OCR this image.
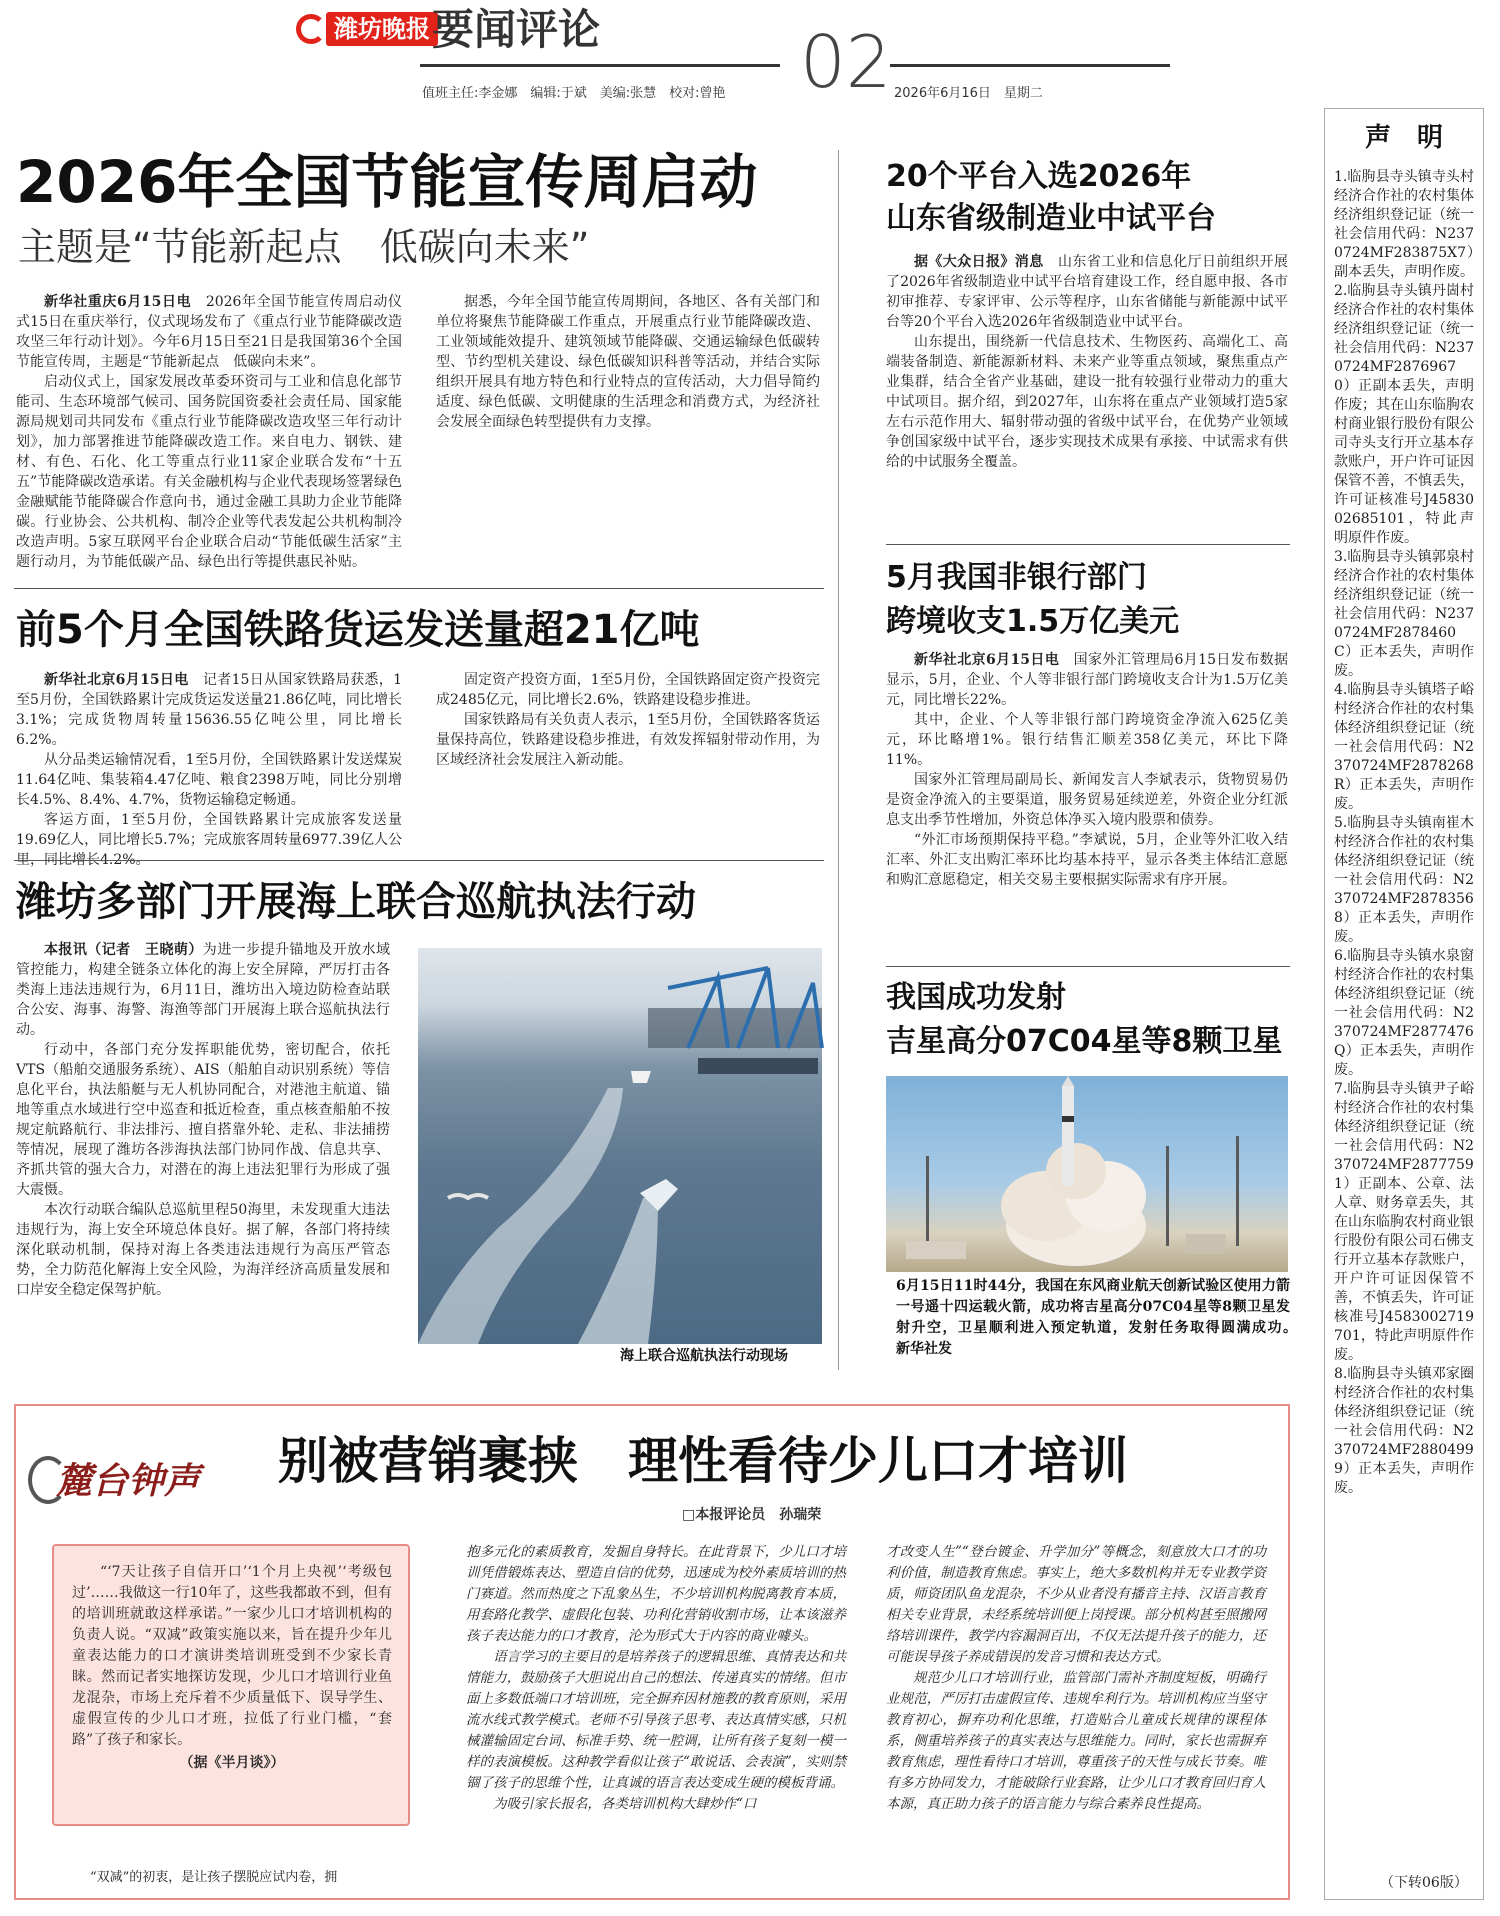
潍坊晚报 要闻评论	02
值班主任:李金娜　编辑:于斌　美编:张慧　校对:曾艳	2026年6月16日　星期二
2026年全国节能宣传周启动
主题是“节能新起点　低碳向未来”

新华社重庆6月15日电　 2026年全国节能宣传周启动仪式15日在重庆举行，仪式现场发布了《重点行业节能降碳改造攻坚三年行动计划》。今年6月15日至21日是我国第36个全国节能宣传周，主题是“节能新起点　低碳向未来”。

启动仪式上，国家发展改革委环资司与工业和信息化部节能司、生态环境部气候司、国务院国资委社会责任局、国家能源局规划司共同发布《重点行业节能降碳改造攻坚三年行动计划》，加力部署推进节能降碳改造工作。来自电力、钢铁、建材、有色、石化、化工等重点行业11家企业联合发布“十五五”节能降碳改造承诺。有关金融机构与企业代表现场签署绿色金融赋能节能降碳合作意向书，通过金融工具助力企业节能降碳。行业协会、公共机构、制冷企业等代表发起公共机构制冷改造声明。5家互联网平台企业联合启动“节能低碳生活家”主题行动月，为节能低碳产品、绿色出行等提供惠民补贴。

据悉，今年全国节能宣传周期间，各地区、各有关部门和单位将聚焦节能降碳工作重点，开展重点行业节能降碳改造、工业领域能效提升、建筑领域节能降碳、交通运输绿色低碳转型、节约型机关建设、绿色低碳知识科普等活动，并结合实际组织开展具有地方特色和行业特点的宣传活动，大力倡导简约适度、绿色低碳、文明健康的生活理念和消费方式，为经济社会发展全面绿色转型提供有力支撑。

前5个月全国铁路货运发送量超21亿吨

新华社北京6月15日电　 记者15日从国家铁路局获悉，1至5月份，全国铁路累计完成货运发送量21.86亿吨，同比增长3.1%；完成货物周转量15636.55亿吨公里，同比增长6.2%。

从分品类运输情况看，1至5月份，全国铁路累计发送煤炭11.64亿吨、集装箱4.47亿吨、粮食2398万吨，同比分别增长4.5%、8.4%、4.7%，货物运输稳定畅通。

客运方面，1至5月份，全国铁路累计完成旅客发送量19.69亿人，同比增长5.7%；完成旅客周转量6977.39亿人公里，同比增长4.2%。

固定资产投资方面，1至5月份，全国铁路固定资产投资完成2485亿元，同比增长2.6%，铁路建设稳步推进。

国家铁路局有关负责人表示，1至5月份，全国铁路客货运量保持高位，铁路建设稳步推进，有效发挥辐射带动作用，为区域经济社会发展注入新动能。

潍坊多部门开展海上联合巡航执法行动

本报讯（记者　王晓萌）为进一步提升锚地及开放水域管控能力，构建全链条立体化的海上安全屏障，严厉打击各类海上违法违规行为，6月11日，潍坊出入境边防检查站联合公安、海事、海警、海渔等部门开展海上联合巡航执法行动。

行动中，各部门充分发挥职能优势，密切配合，依托VTS（船舶交通服务系统）、AIS（船舶自动识别系统）等信息化平台，执法船艇与无人机协同配合，对港池主航道、锚地等重点水域进行空中巡查和抵近检查，重点核查船舶不按规定航路航行、非法排污、擅自搭靠外轮、走私、非法捕捞等情况，展现了潍坊各涉海执法部门协同作战、信息共享、齐抓共管的强大合力，对潜在的海上违法犯罪行为形成了强大震慑。

本次行动联合编队总巡航里程50海里，未发现重大违法违规行为，海上安全环境总体良好。据了解，各部门将持续深化联动机制，保持对海上各类违法违规行为高压严管态势，全力防范化解海上安全风险，为海洋经济高质量发展和口岸安全稳定保驾护航。

海上联合巡航执法行动现场
20个平台入选2026年
山东省级制造业中试平台

据《大众日报》消息　 山东省工业和信息化厅日前组织开展了2026年省级制造业中试平台培育建设工作，经自愿申报、各市初审推荐、专家评审、公示等程序，山东省储能与新能源中试平台等20个平台入选2026年省级制造业中试平台。

山东提出，围绕新一代信息技术、生物医药、高端化工、高端装备制造、新能源新材料、未来产业等重点领域，聚焦重点产业集群，结合全省产业基础，建设一批有较强行业带动力的重大中试项目。据介绍，到2027年，山东将在重点产业领域打造5家左右示范作用大、辐射带动强的省级中试平台，在优势产业领域争创国家级中试平台，逐步实现技术成果有承接、中试需求有供给的中试服务全覆盖。

5月我国非银行部门
跨境收支1.5万亿美元

新华社北京6月15日电　 国家外汇管理局6月15日发布数据显示，5月，企业、个人等非银行部门跨境收支合计为1.5万亿美元，同比增长22%。

其中，企业、个人等非银行部门跨境资金净流入625亿美元，环比略增1%。银行结售汇顺差358亿美元，环比下降11%。

国家外汇管理局副局长、新闻发言人李斌表示，货物贸易仍是资金净流入的主要渠道，服务贸易延续逆差，外资企业分红派息支出季节性增加，外资总体净买入境内股票和债券。

“外汇市场预期保持平稳。”李斌说，5月，企业等外汇收入结汇率、外汇支出购汇率环比均基本持平，显示各类主体结汇意愿和购汇意愿稳定，相关交易主要根据实际需求有序开展。

我国成功发射
吉星高分07C04星等8颗卫星
6月15日11时44分，我国在东风商业航天创新试验区使用力箭一号遥十四运载火箭，成功将吉星高分07C04星等8颗卫星发射升空，卫星顺利进入预定轨道，发射任务取得圆满成功。　　新华社发
麓台钟声 别被营销裹挟　理性看待少儿口才培训
□本报评论员　孙瑞荣

“‘7天让孩子自信开口’‘1个月上央视’‘考级包过’……我做这一行10年了，这些我都敢不到，但有的培训班就敢这样承诺。”一家少儿口才培训机构的负责人说。“双减”政策实施以来，旨在提升少年儿童表达能力的口才演讲类培训班受到不少家长青睐。然而记者实地探访发现，少儿口才培训行业鱼龙混杂，市场上充斥着不少质量低下、误导学生、虚假宣传的少儿口才班，拉低了行业门槛，“套路”了孩子和家长。

（据《半月谈》）
“双减”的初衷，是让孩子摆脱应试内卷，拥

抱多元化的素质教育，发掘自身特长。在此背景下，少儿口才培训凭借锻炼表达、塑造自信的优势，迅速成为校外素质培训的热门赛道。然而热度之下乱象丛生，不少培训机构脱离教育本质，用套路化教学、虚假化包装、功利化营销收割市场，让本该滋养孩子表达能力的口才教育，沦为形式大于内容的商业噱头。

语言学习的主要目的是培养孩子的逻辑思维、真情表达和共情能力，鼓励孩子大胆说出自己的想法、传递真实的情绪。但市面上多数低端口才培训班，完全摒弃因材施教的教育原则，采用流水线式教学模式。老师不引导孩子思考、表达真情实感，只机械灌输固定台词、标准手势、统一腔调，让所有孩子复刻一模一样的表演模板。这种教学看似让孩子“敢说话、会表演”，实则禁锢了孩子的思维个性，让真诚的语言表达变成生硬的模板背诵。

为吸引家长报名，各类培训机构大肆炒作“口

才改变人生”“登台镀金、升学加分”等概念，刻意放大口才的功利价值，制造教育焦虑。事实上，绝大多数机构并无专业教学资质，师资团队鱼龙混杂，不少从业者没有播音主持、汉语言教育相关专业背景，未经系统培训便上岗授课。部分机构甚至照搬网络培训课件，教学内容漏洞百出，不仅无法提升孩子的能力，还可能误导孩子养成错误的发音习惯和表达方式。

规范少儿口才培训行业，监管部门需补齐制度短板，明确行业规范，严厉打击虚假宣传、违规牟利行为。培训机构应当坚守教育初心，摒弃功利化思维，打造贴合儿童成长规律的课程体系，侧重培养孩子的真实表达与思维能力。同时，家长也需摒弃教育焦虑，理性看待口才培训，尊重孩子的天性与成长节奏。唯有多方协同发力，才能破除行业套路，让少儿口才教育回归育人本源，真正助力孩子的语言能力与综合素养良性提高。

声　明

1.临朐县寺头镇寺头村经济合作社的农村集体经济组织登记证（统一社会信用代码：N2370724MF283875X7）副本丢失，声明作废。

2.临朐县寺头镇丹崮村经济合作社的农村集体经济组织登记证（统一社会信用代码：N2370724MF2876967 0）正副本丢失，声明作废；其在山东临朐农村商业银行股份有限公司寺头支行开立基本存款账户，开户许可证因保管不善，不慎丢失，许可证核准号J4583002685101，特此声明原件作废。

3.临朐县寺头镇郭泉村经济合作社的农村集体经济组织登记证（统一社会信用代码：N2370724MF2878460 C）正本丢失，声明作废。

4.临朐县寺头镇塔子峪村经济合作社的农村集体经济组织登记证（统一社会信用代码：N2370724MF2878268 R）正本丢失，声明作废。

5.临朐县寺头镇南崔木村经济合作社的农村集体经济组织登记证（统一社会信用代码：N2370724MF2878356 8）正本丢失，声明作废。

6.临朐县寺头镇水泉窗村经济合作社的农村集体经济组织登记证（统一社会信用代码：N2370724MF2877476 Q）正本丢失，声明作废。

7.临朐县寺头镇尹子峪村经济合作社的农村集体经济组织登记证（统一社会信用代码：N2370724MF2877759 1）正副本、公章、法人章、财务章丢失，其在山东临朐农村商业银行股份有限公司石佛支行开立基本存款账户，开户许可证因保管不善，不慎丢失，许可证核准号J4583002719701，特此声明原件作废。

8.临朐县寺头镇邓家圈村经济合作社的农村集体经济组织登记证（统一社会信用代码：N2370724MF2880499 9）正本丢失，声明作废。

（下转06版）
